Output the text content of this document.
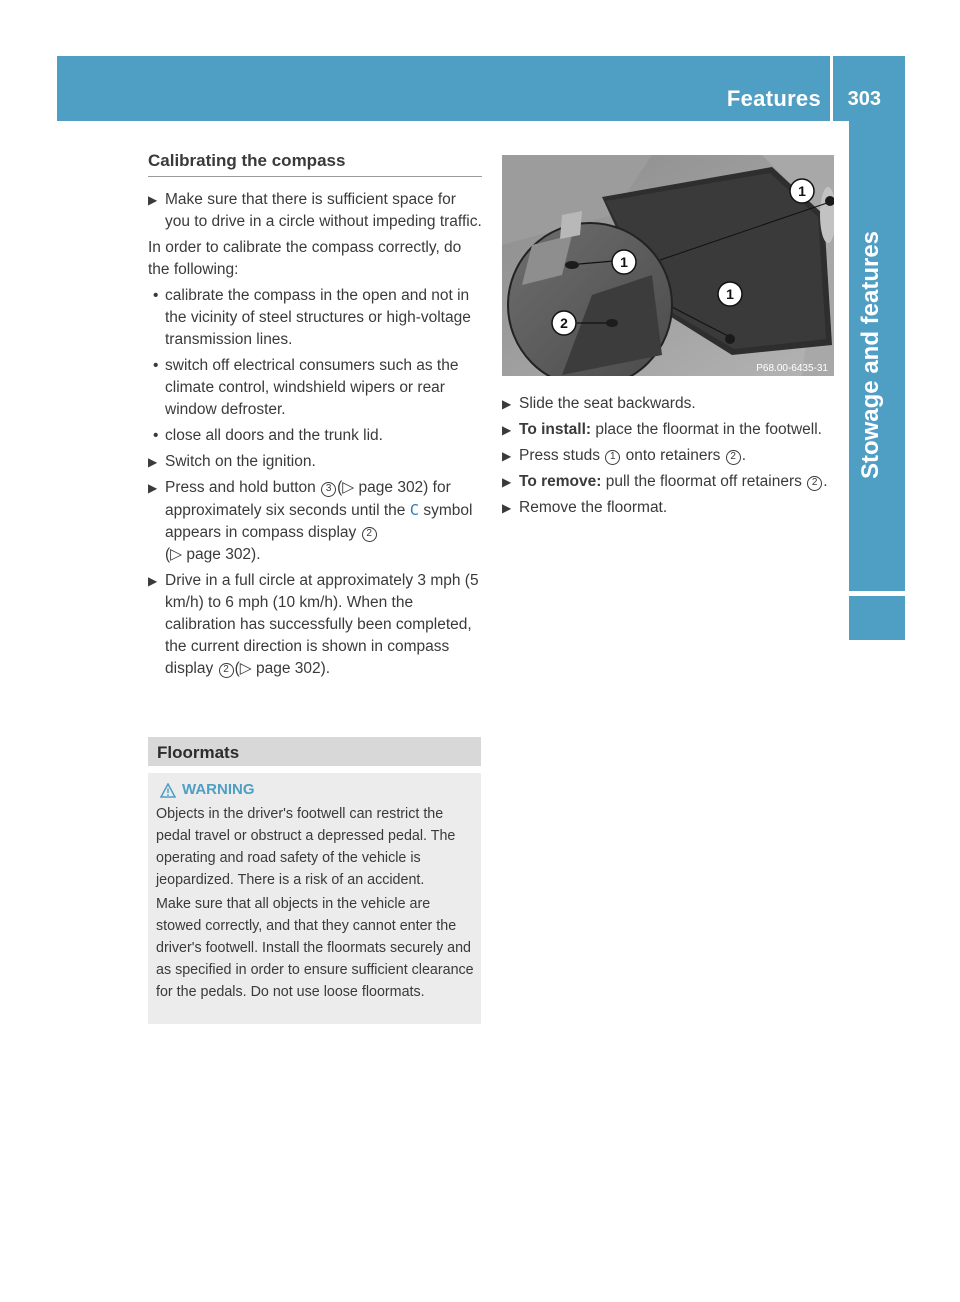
Features 303
Stowage and features
Calibrating the compass
▶ Make sure that there is sufficient space for you to drive in a circle without impeding traffic.
In order to calibrate the compass correctly, do the following:
• calibrate the compass in the open and not in the vicinity of steel structures or high-voltage transmission lines.
• switch off electrical consumers such as the climate control, windshield wipers or rear window defroster.
• close all doors and the trunk lid.
▶ Switch on the ignition.
▶ Press and hold button 3 (▷ page 302) for approximately six seconds until the C symbol appears in compass display 2
(▷ page 302).
▶ Drive in a full circle at approximately 3 mph (5 km/h) to 6 mph (10 km/h). When the calibration has successfully been completed, the current direction is shown in compass display 2 (▷ page 302).
Floormats
WARNING
Objects in the driver's footwell can restrict the pedal travel or obstruct a depressed pedal. The operating and road safety of the vehicle is jeopardized. There is a risk of an accident.
Make sure that all objects in the vehicle are stowed correctly, and that they cannot enter the driver's footwell. Install the floormats securely and as specified in order to ensure sufficient clearance for the pedals. Do not use loose floormats.
1
1
1
2
P68.00-6435-31
▶ Slide the seat backwards.
▶ To install: place the floormat in the footwell.
▶ Press studs 1 onto retainers 2 .
▶ To remove: pull the floormat off retainers 2 .
▶ Remove the floormat.
